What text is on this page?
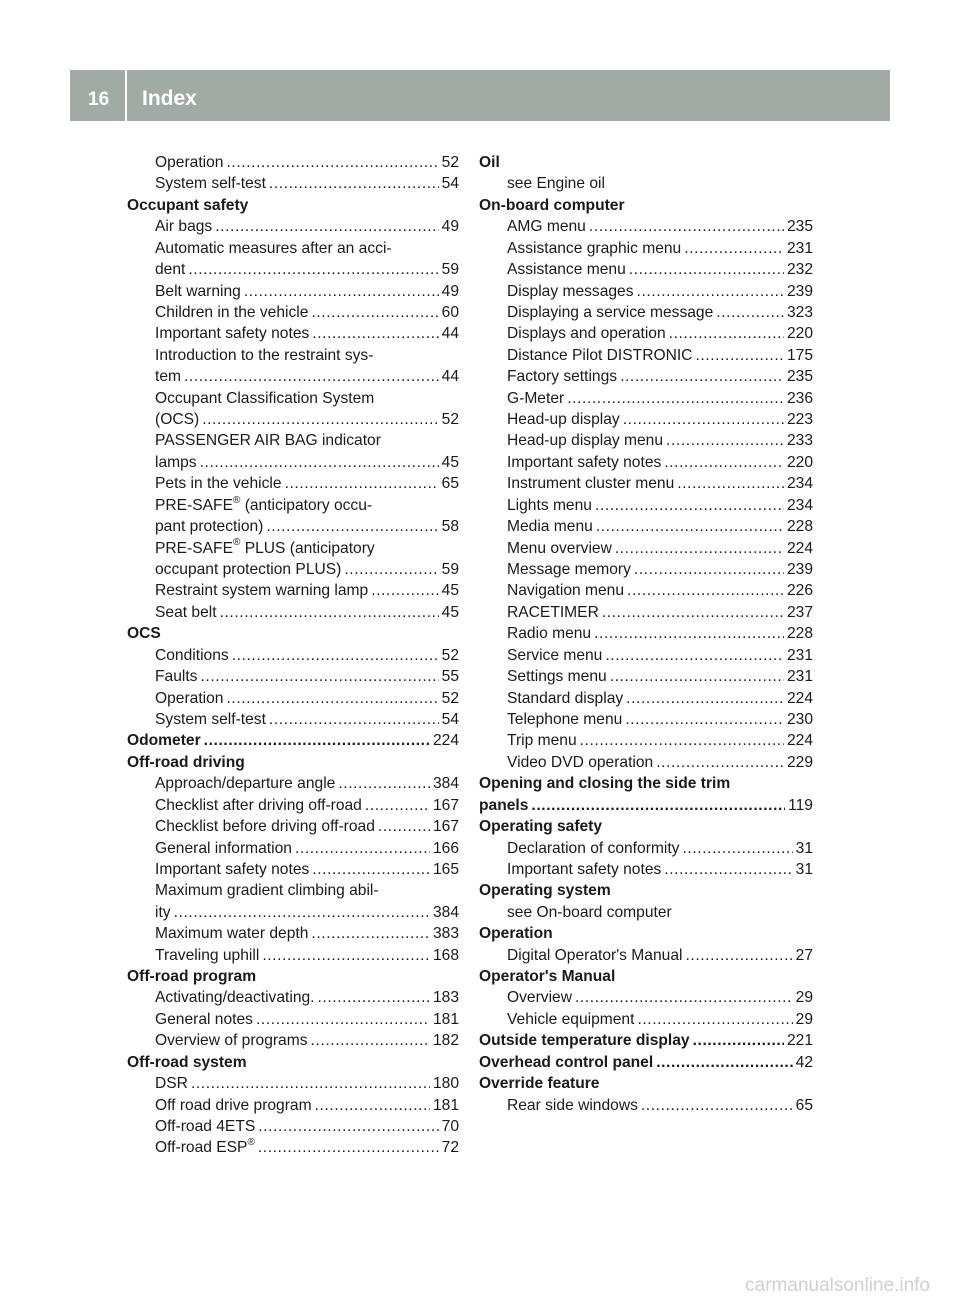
16 Index
Operation .....	52
System self-test .....	54
Occupant safety
Air bags .....	49
Automatic measures after an acci-
dent .....	59
Belt warning .....	49
Children in the vehicle .....	60
Important safety notes .....	44
Introduction to the restraint sys-
tem .....	44
Occupant Classification System
(OCS) .....	52
PASSENGER AIR BAG indicator
lamps .....	45
Pets in the vehicle .....	65
PRE-SAFE® (anticipatory occu-
pant protection) .....	58
PRE-SAFE® PLUS (anticipatory
occupant protection PLUS) .....	59
Restraint system warning lamp .....	45
Seat belt .....	45
OCS
Conditions .....	52
Faults .....	55
Operation .....	52
System self-test .....	54
Odometer .....	224
Off-road driving
Approach/departure angle .....	384
Checklist after driving off-road .....	167
Checklist before driving off-road .....	167
General information .....	166
Important safety notes .....	165
Maximum gradient climbing abil-
ity .....	384
Maximum water depth .....	383
Traveling uphill .....	168
Off-road program
Activating/deactivating. .....	183
General notes .....	181
Overview of programs .....	182
Off-road system
DSR .....	180
Off road drive program .....	181
Off-road 4ETS .....	70
Off-road ESP® .....	72
Oil
see Engine oil
On-board computer
AMG menu .....	235
Assistance graphic menu .....	231
Assistance menu .....	232
Display messages .....	239
Displaying a service message .....	323
Displays and operation .....	220
Distance Pilot DISTRONIC .....	175
Factory settings .....	235
G-Meter .....	236
Head-up display .....	223
Head-up display menu .....	233
Important safety notes .....	220
Instrument cluster menu .....	234
Lights menu .....	234
Media menu .....	228
Menu overview .....	224
Message memory .....	239
Navigation menu .....	226
RACETIMER .....	237
Radio menu .....	228
Service menu .....	231
Settings menu .....	231
Standard display .....	224
Telephone menu .....	230
Trip menu .....	224
Video DVD operation .....	229
Opening and closing the side trim
panels .....	119
Operating safety
Declaration of conformity .....	31
Important safety notes .....	31
Operating system
see On-board computer
Operation
Digital Operator's Manual .....	27
Operator's Manual
Overview .....	29
Vehicle equipment .....	29
Outside temperature display .....	221
Overhead control panel .....	42
Override feature
Rear side windows .....	65
carmanualsonline.info
